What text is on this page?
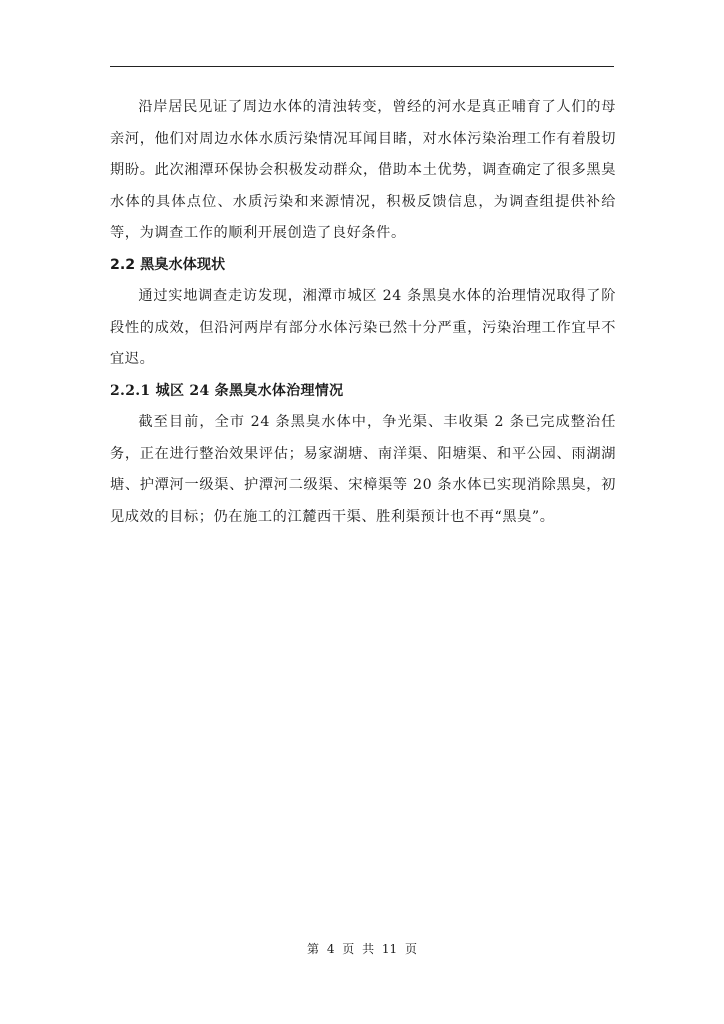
沿岸居民见证了周边水体的清浊转变，曾经的河水是真正哺育了人们的母亲河，他们对周边水体水质污染情况耳闻目睹，对水体污染治理工作有着殷切期盼。此次湘潭环保协会积极发动群众，借助本土优势，调查确定了很多黑臭水体的具体点位、水质污染和来源情况，积极反馈信息，为调查组提供补给等，为调查工作的顺利开展创造了良好条件。

2.2 黑臭水体现状

通过实地调查走访发现，湘潭市城区 24 条黑臭水体的治理情况取得了阶段性的成效，但沿河两岸有部分水体污染已然十分严重，污染治理工作宜早不宜迟。

2.2.1 城区 24 条黑臭水体治理情况

截至目前，全市 24 条黑臭水体中，争光渠、丰收渠 2 条已完成整治任务，正在进行整治效果评估；易家湖塘、南洋渠、阳塘渠、和平公园、雨湖湖塘、护潭河一级渠、护潭河二级渠、宋樟渠等 20 条水体已实现消除黑臭，初见成效的目标；仍在施工的江麓西干渠、胜利渠预计也不再“黑臭”。

第 4 页 共 11 页
